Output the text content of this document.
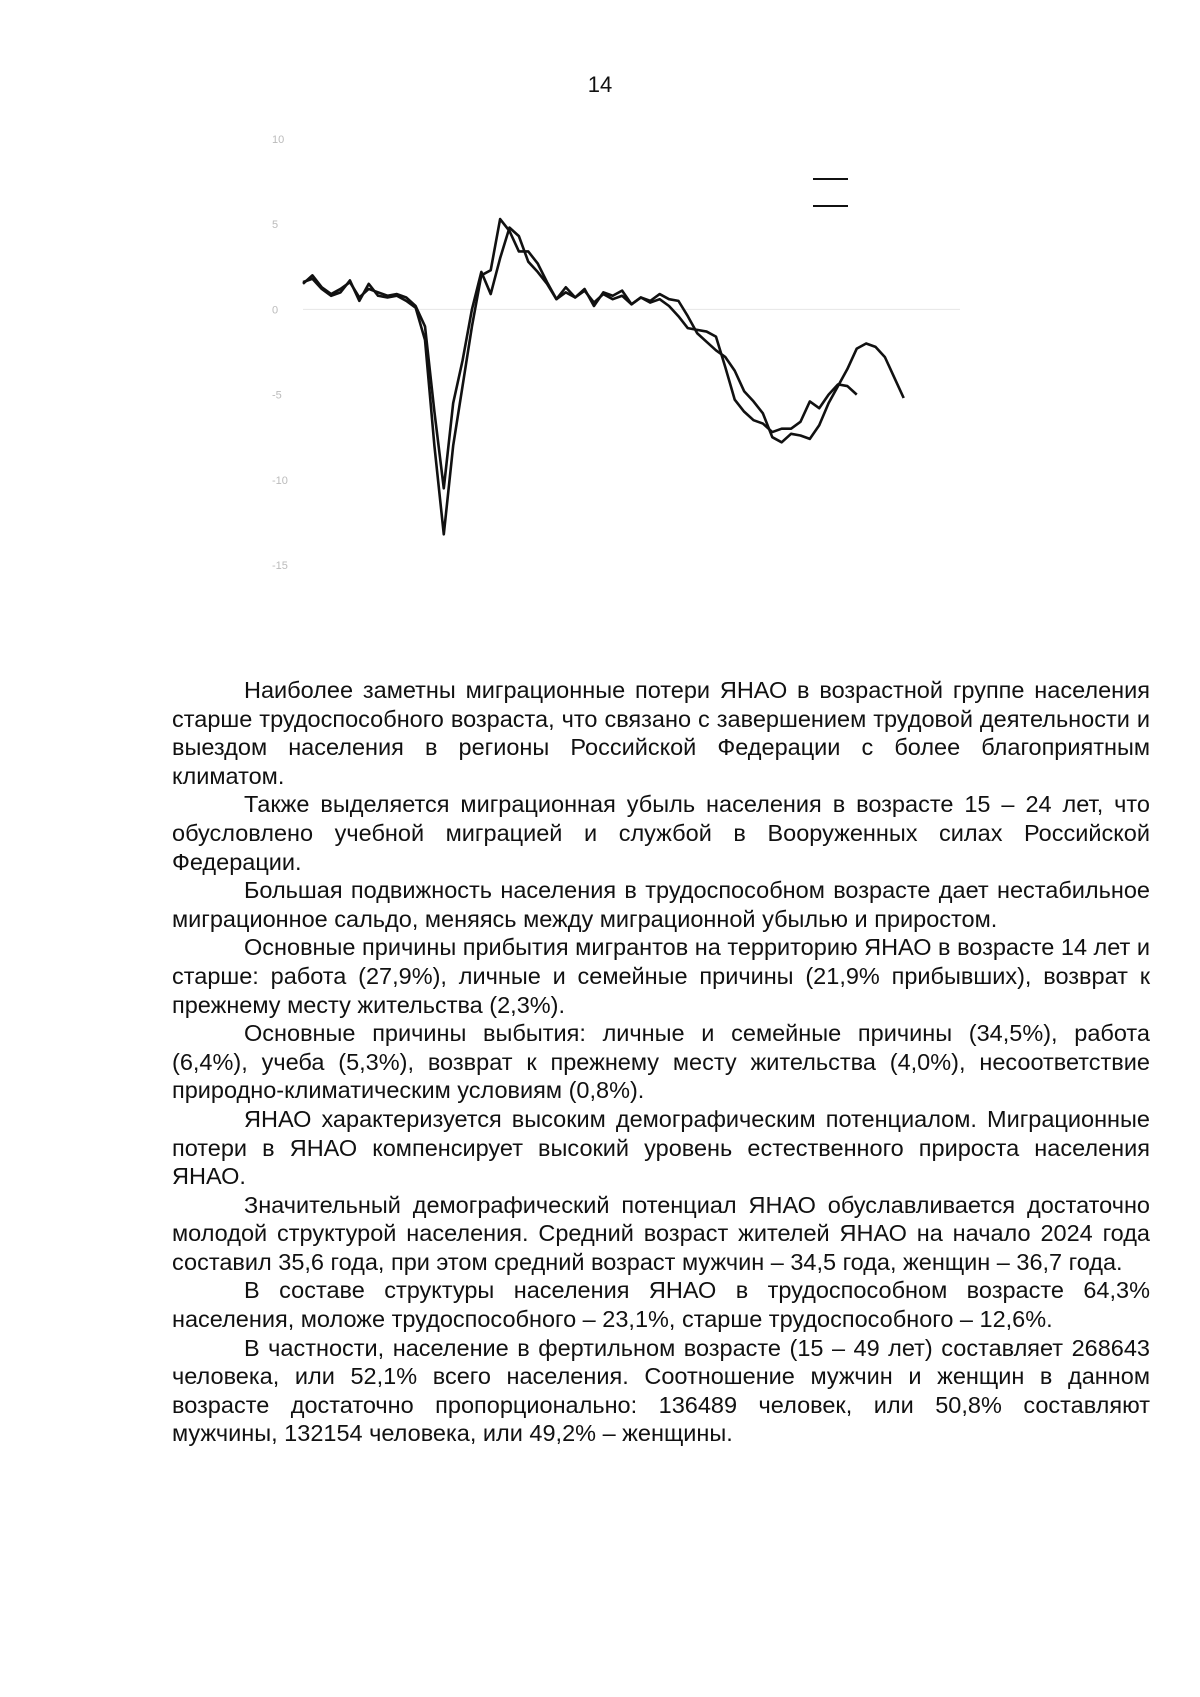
14
10
5
0
-5
-10
-15

Наиболее заметны миграционные потери ЯНАО в возрастной группе населения старше трудоспособного возраста, что связано с завершением трудовой деятельности и выездом населения в регионы Российской Федерации с более благоприятным климатом.

Также выделяется миграционная убыль населения в возрасте 15 – 24 лет, что обусловлено учебной миграцией и службой в Вооруженных силах Российской Федерации.

Большая подвижность населения в трудоспособном возрасте дает нестабильное миграционное сальдо, меняясь между миграционной убылью и приростом.

Основные причины прибытия мигрантов на территорию ЯНАО в возрасте 14 лет и старше: работа (27,9%), личные и семейные причины (21,9% прибывших), возврат к прежнему месту жительства (2,3%).

Основные причины выбытия: личные и семейные причины (34,5%), работа (6,4%), учеба (5,3%), возврат к прежнему месту жительства (4,0%), несоответствие природно-климатическим условиям (0,8%).

ЯНАО характеризуется высоким демографическим потенциалом. Миграционные потери в ЯНАО компенсирует высокий уровень естественного прироста населения ЯНАО.

Значительный демографический потенциал ЯНАО обуславливается достаточно молодой структурой населения. Средний возраст жителей ЯНАО на начало 2024 года составил 35,6 года, при этом средний возраст мужчин – 34,5 года, женщин – 36,7 года.

В составе структуры населения ЯНАО в трудоспособном возрасте 64,3% населения, моложе трудоспособного – 23,1%, старше трудоспособного – 12,6%.

В частности, население в фертильном возрасте (15 – 49 лет) составляет 268643 человека, или 52,1% всего населения. Соотношение мужчин и женщин в данном возрасте достаточно пропорционально: 136489 человек, или 50,8% составляют мужчины, 132154 человека, или 49,2% – женщины.
